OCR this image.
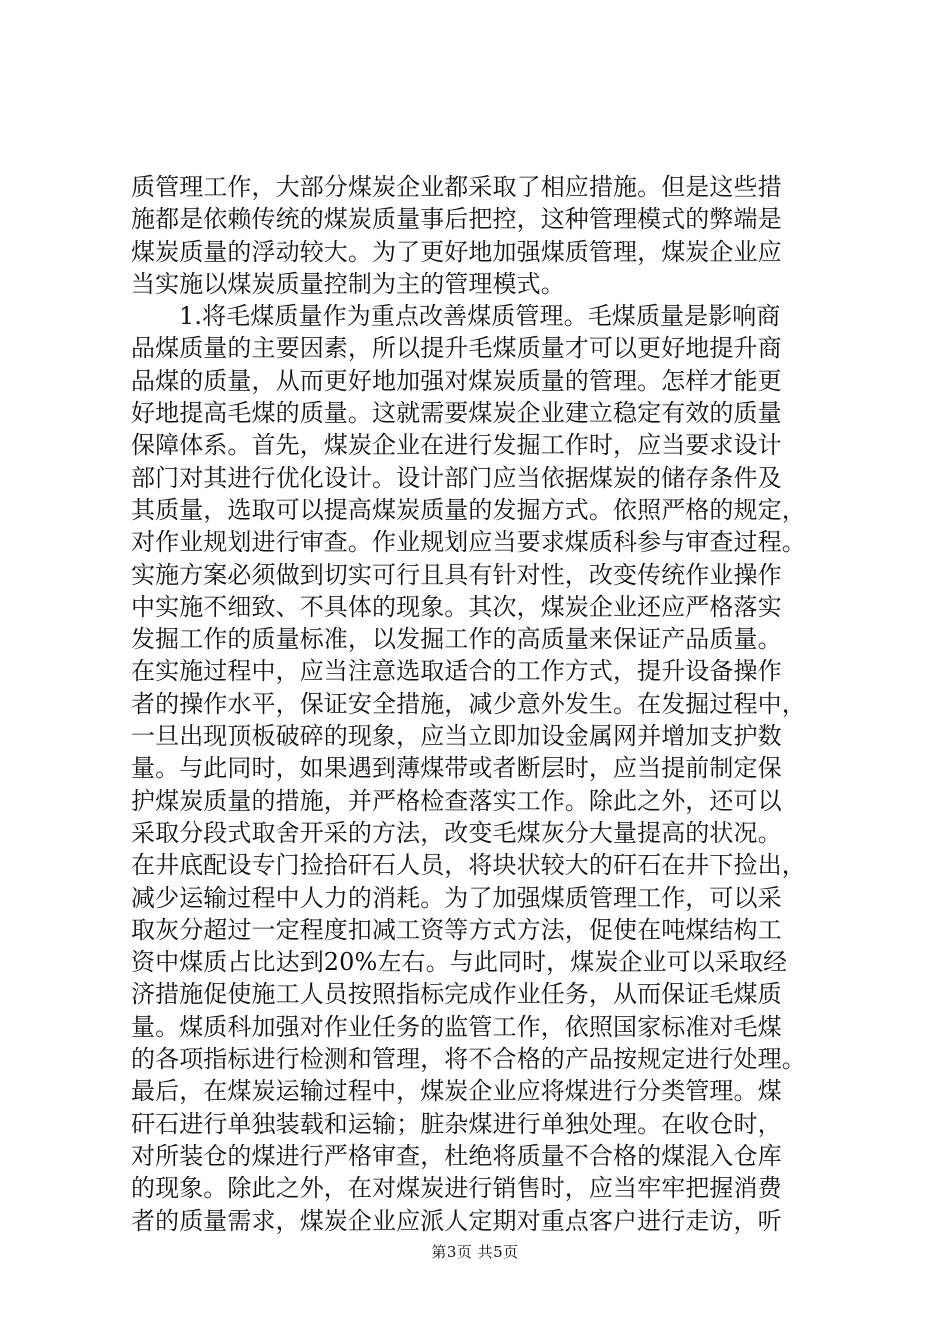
质管理工作，大部分煤炭企业都采取了相应措施。但是这些措
施都是依赖传统的煤炭质量事后把控，这种管理模式的弊端是
煤炭质量的浮动较大。为了更好地加强煤质管理，煤炭企业应
当实施以煤炭质量控制为主的管理模式。
1.将毛煤质量作为重点改善煤质管理。毛煤质量是影响商
品煤质量的主要因素，所以提升毛煤质量才可以更好地提升商
品煤的质量，从而更好地加强对煤炭质量的管理。怎样才能更
好地提高毛煤的质量。这就需要煤炭企业建立稳定有效的质量
保障体系。首先，煤炭企业在进行发掘工作时，应当要求设计
部门对其进行优化设计。设计部门应当依据煤炭的储存条件及
其质量，选取可以提高煤炭质量的发掘方式。依照严格的规定，
对作业规划进行审查。作业规划应当要求煤质科参与审查过程。
实施方案必须做到切实可行且具有针对性，改变传统作业操作
中实施不细致、不具体的现象。其次，煤炭企业还应严格落实
发掘工作的质量标准，以发掘工作的高质量来保证产品质量。
在实施过程中，应当注意选取适合的工作方式，提升设备操作
者的操作水平，保证安全措施，减少意外发生。在发掘过程中，
一旦出现顶板破碎的现象，应当立即加设金属网并增加支护数
量。与此同时，如果遇到薄煤带或者断层时，应当提前制定保
护煤炭质量的措施，并严格检查落实工作。除此之外，还可以
采取分段式取舍开采的方法，改变毛煤灰分大量提高的状况。
在井底配设专门捡拾矸石人员，将块状较大的矸石在井下捡出，
减少运输过程中人力的消耗。为了加强煤质管理工作，可以采
取灰分超过一定程度扣减工资等方式方法，促使在吨煤结构工
资中煤质占比达到20%左右。与此同时，煤炭企业可以采取经
济措施促使施工人员按照指标完成作业任务，从而保证毛煤质
量。煤质科加强对作业任务的监管工作，依照国家标准对毛煤
的各项指标进行检测和管理，将不合格的产品按规定进行处理。
最后，在煤炭运输过程中，煤炭企业应将煤进行分类管理。煤
矸石进行单独装载和运输；脏杂煤进行单独处理。在收仓时，
对所装仓的煤进行严格审查，杜绝将质量不合格的煤混入仓库
的现象。除此之外，在对煤炭进行销售时，应当牢牢把握消费
者的质量需求，煤炭企业应派人定期对重点客户进行走访，听
第3页 共5页
